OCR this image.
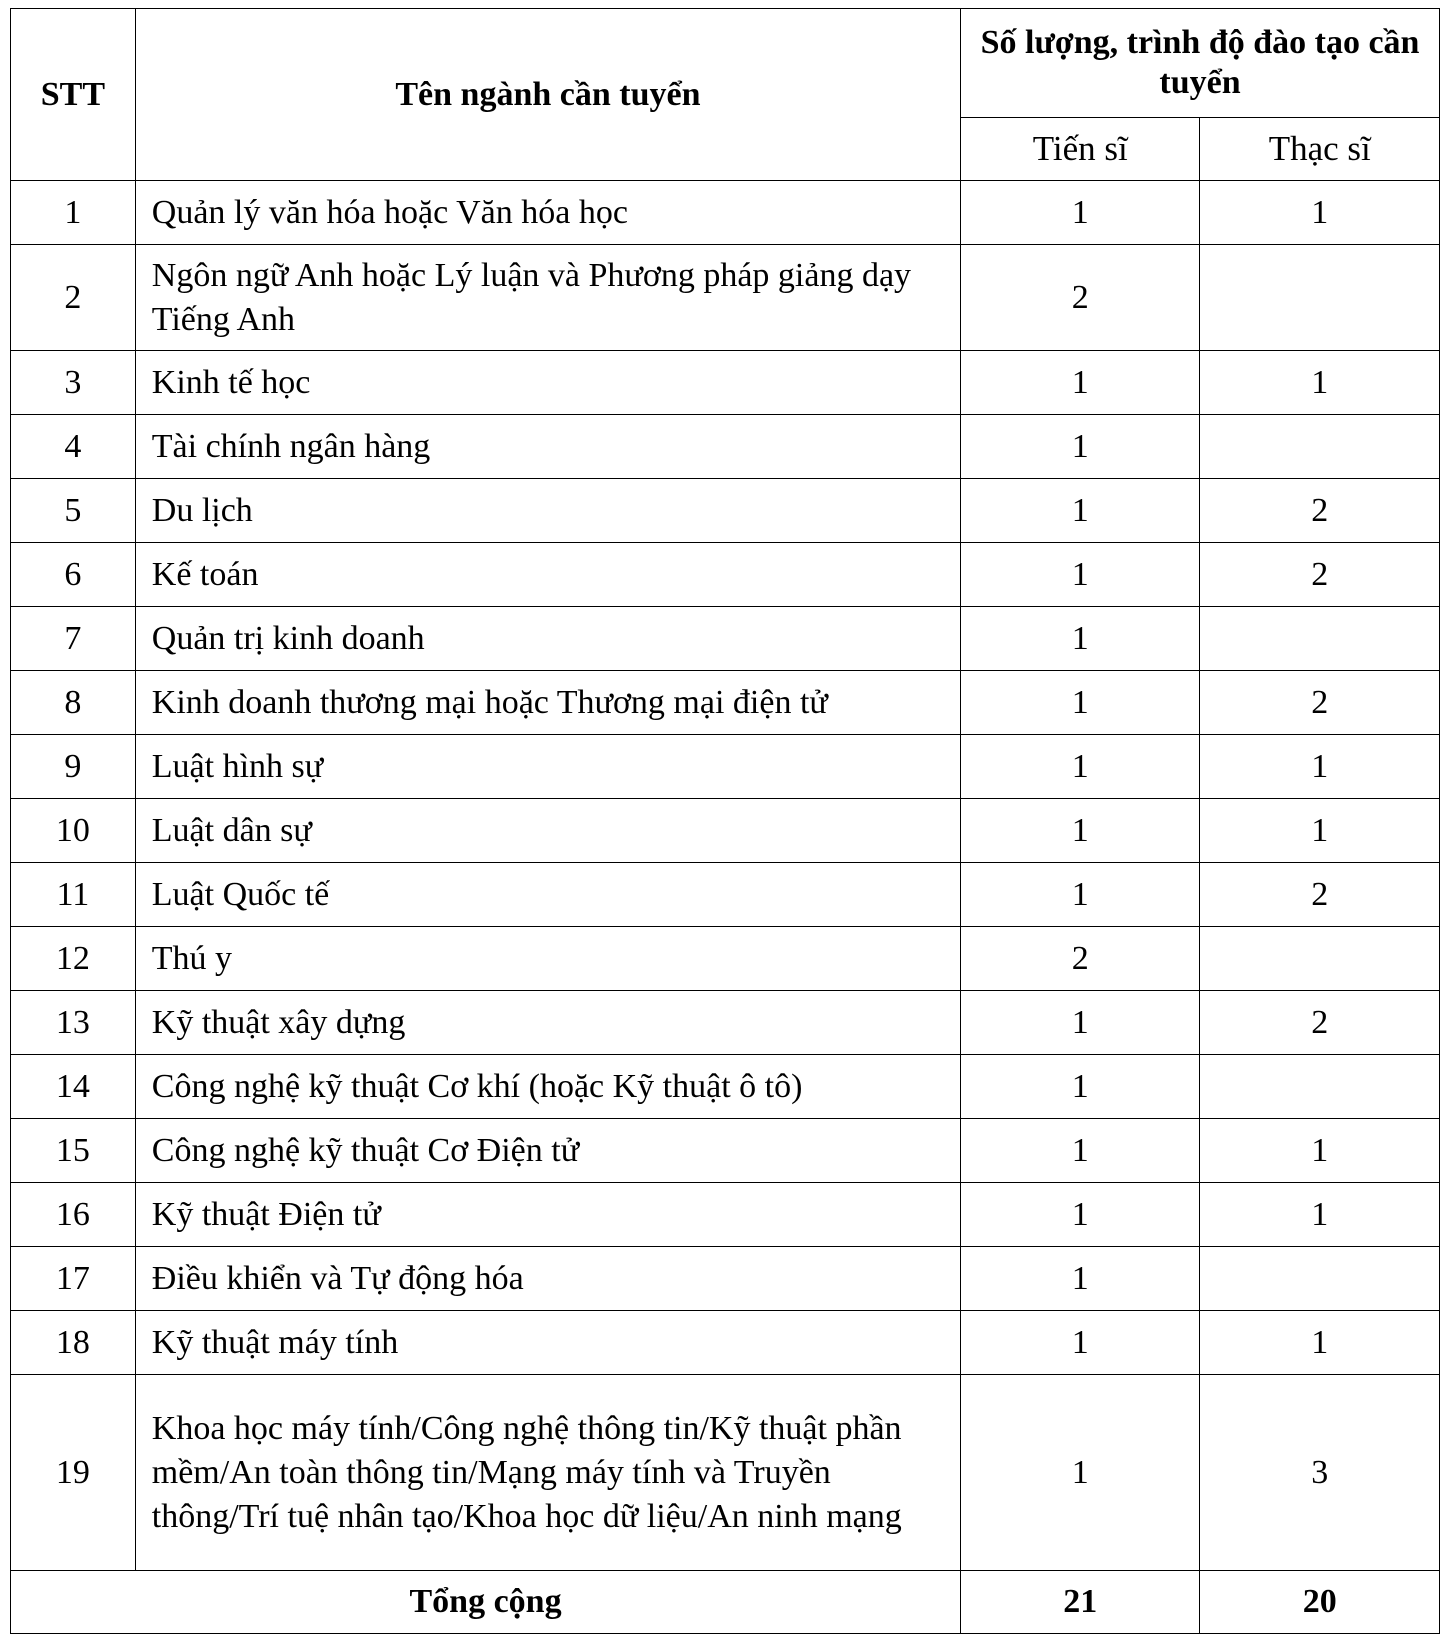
STT	Tên ngành cần tuyển	Số lượng, trình độ đào tạo cần tuyển	
		Tiến sĩ	Thạc sĩ
1	Quản lý văn hóa hoặc Văn hóa học	1	1
2	Ngôn ngữ Anh hoặc Lý luận và Phương pháp giảng dạy Tiếng Anh	2	
3	Kinh tế học	1	1
4	Tài chính ngân hàng	1	
5	Du lịch	1	2
6	Kế toán	1	2
7	Quản trị kinh doanh	1	
8	Kinh doanh thương mại hoặc Thương mại điện tử	1	2
9	Luật hình sự	1	1
10	Luật dân sự	1	1
11	Luật Quốc tế	1	2
12	Thú y	2	
13	Kỹ thuật xây dựng	1	2
14	Công nghệ kỹ thuật Cơ khí (hoặc Kỹ thuật ô tô)	1	
15	Công nghệ kỹ thuật Cơ Điện tử	1	1
16	Kỹ thuật Điện tử	1	1
17	Điều khiển và Tự động hóa	1	
18	Kỹ thuật máy tính	1	1
19	Khoa học máy tính/Công nghệ thông tin/Kỹ thuật phần mềm/An toàn thông tin/Mạng máy tính và Truyền thông/Trí tuệ nhân tạo/Khoa học dữ liệu/An ninh mạng	1	3
Tổng cộng		21	20
